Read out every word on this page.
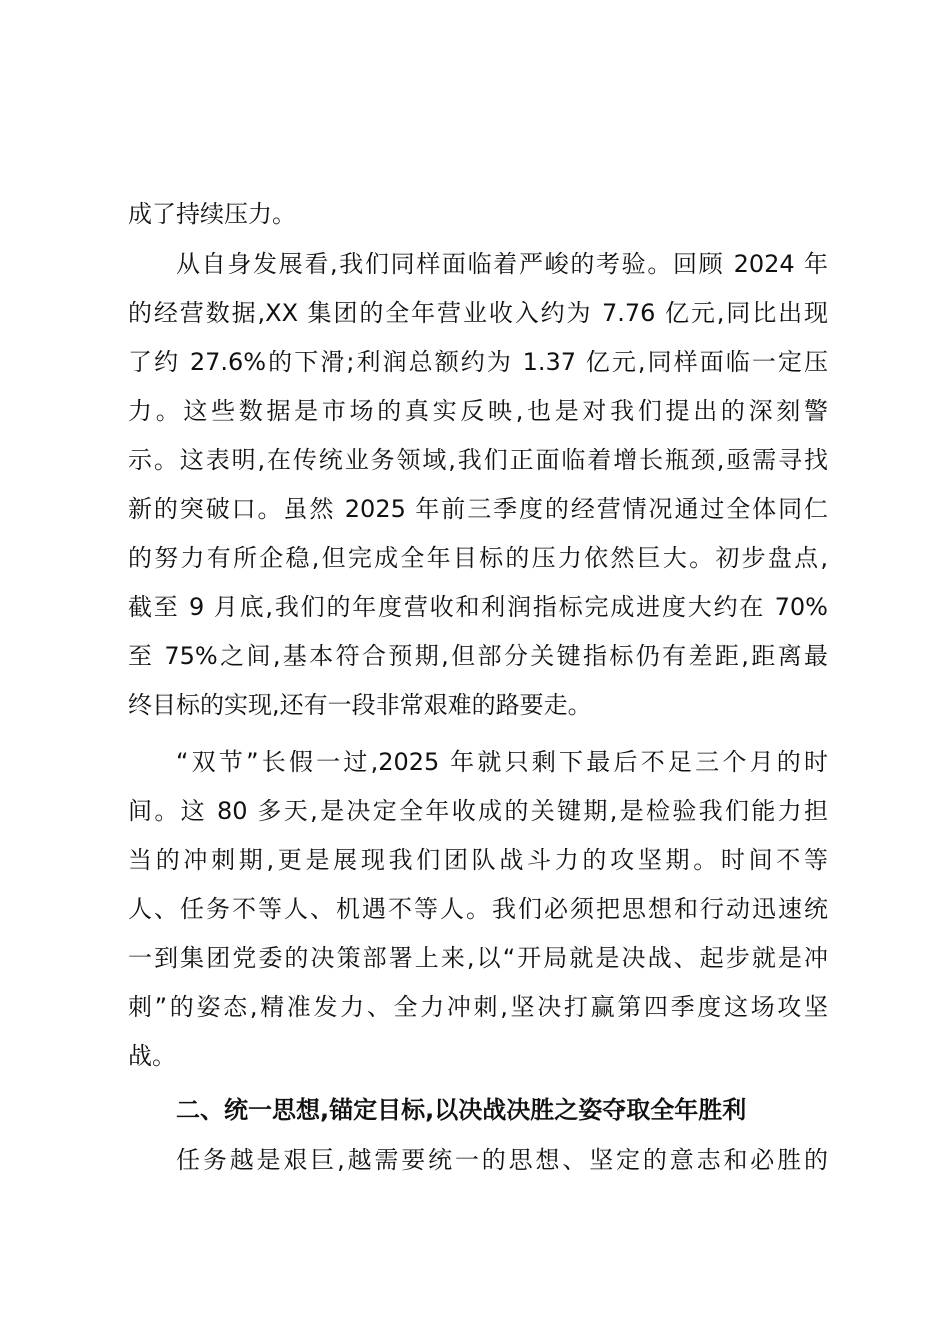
成了持续压力。
从自身发展看,我们同样面临着严峻的考验。回顾 2024 年
的经营数据,XX 集团的全年营业收入约为 7.76 亿元,同比出现
了约 27.6%的下滑;利润总额约为 1.37 亿元,同样面临一定压
力。这些数据是市场的真实反映,也是对我们提出的深刻警
示。这表明,在传统业务领域,我们正面临着增长瓶颈,亟需寻找
新的突破口。虽然 2025 年前三季度的经营情况通过全体同仁
的努力有所企稳,但完成全年目标的压力依然巨大。初步盘点,
截至 9 月底,我们的年度营收和利润指标完成进度大约在 70%
至 75%之间,基本符合预期,但部分关键指标仍有差距,距离最
终目标的实现,还有一段非常艰难的路要走。
“双节”长假一过,2025 年就只剩下最后不足三个月的时
间。这 80 多天,是决定全年收成的关键期,是检验我们能力担
当的冲刺期,更是展现我们团队战斗力的攻坚期。时间不等
人、任务不等人、机遇不等人。我们必须把思想和行动迅速统
一到集团党委的决策部署上来,以“开局就是决战、起步就是冲
刺”的姿态,精准发力、全力冲刺,坚决打赢第四季度这场攻坚
战。
二、统一思想,锚定目标,以决战决胜之姿夺取全年胜利
任务越是艰巨,越需要统一的思想、坚定的意志和必胜的
